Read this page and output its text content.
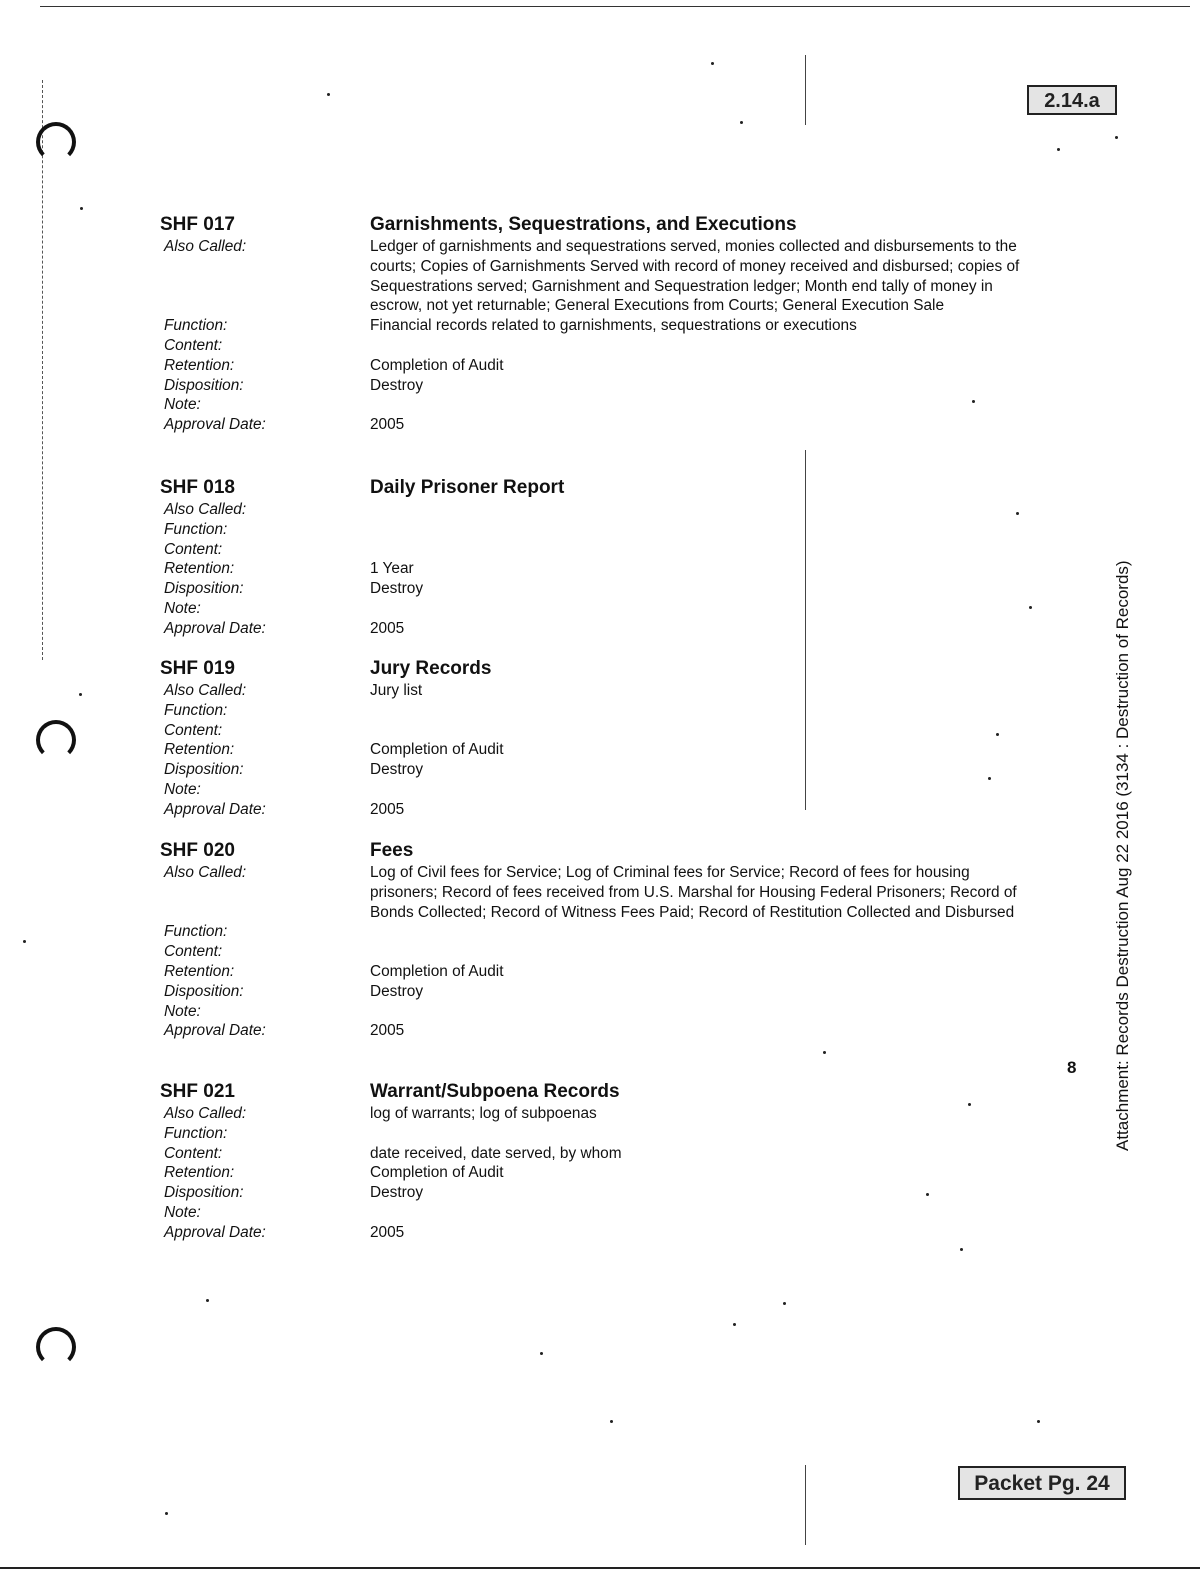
2.14.a
Packet Pg. 24
Attachment: Records Destruction Aug 22 2016 (3134 : Destruction of Records)
8
SHF 017	Garnishments, Sequestrations, and Executions
Also Called:	Ledger of garnishments and sequestrations served, monies collected and disbursements to the courts; Copies of Garnishments Served with record of money received and disbursed; copies of Sequestrations served; Garnishment and Sequestration ledger; Month end tally of money in escrow, not yet returnable; General Executions from Courts; General Execution Sale
Function:	Financial records related to garnishments, sequestrations or executions
Content:
Retention:	Completion of Audit
Disposition:	Destroy
Note:
Approval Date:	2005
SHF 018	Daily Prisoner Report
Also Called:
Function:
Content:
Retention:	1 Year
Disposition:	Destroy
Note:
Approval Date:	2005
SHF 019	Jury Records
Also Called:	Jury list
Function:
Content:
Retention:	Completion of Audit
Disposition:	Destroy
Note:
Approval Date:	2005
SHF 020	Fees
Also Called:	Log of Civil fees for Service; Log of Criminal fees for Service; Record of fees for housing prisoners; Record of fees received from U.S. Marshal for Housing Federal Prisoners; Record of Bonds Collected; Record of Witness Fees Paid; Record of Restitution Collected and Disbursed
Function:
Content:
Retention:	Completion of Audit
Disposition:	Destroy
Note:
Approval Date:	2005
SHF 021	Warrant/Subpoena Records
Also Called:	log of warrants; log of subpoenas
Function:
Content:	date received, date served, by whom
Retention:	Completion of Audit
Disposition:	Destroy
Note:
Approval Date:	2005
